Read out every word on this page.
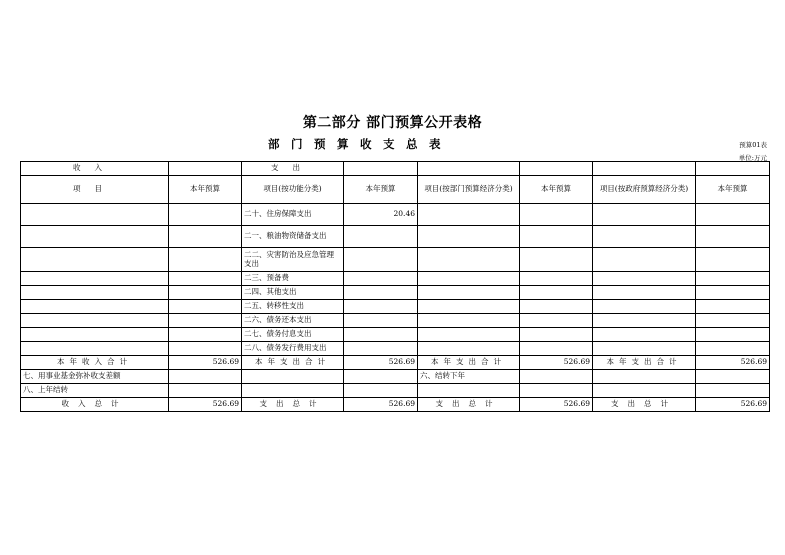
第二部分 部门预算公开表格
部门预算收支总表	预算01表
单位:万元
收入		支出					
项目	本年预算	项目(按功能分类)	本年预算	项目(按部门预算经济分类)	本年预算	项目(按政府预算经济分类)	本年预算
		二十、住房保障支出	20.46				
		二一、粮油物资储备支出					
		二二、灾害防治及应急管理支出					
		二三、预备费					
		二四、其他支出					
		二五、转移性支出					
		二六、债务还本支出					
		二七、债务付息支出					
		二八、债务发行费用支出					
本年收入合计	526.69	本年支出合计	526.69	本年支出合计	526.69	本年支出合计	526.69
七、用事业基金弥补收支差额				六、结转下年			
八、上年结转							
收入总计	526.69	支出总计	526.69	支出总计	526.69	支出总计	526.69
